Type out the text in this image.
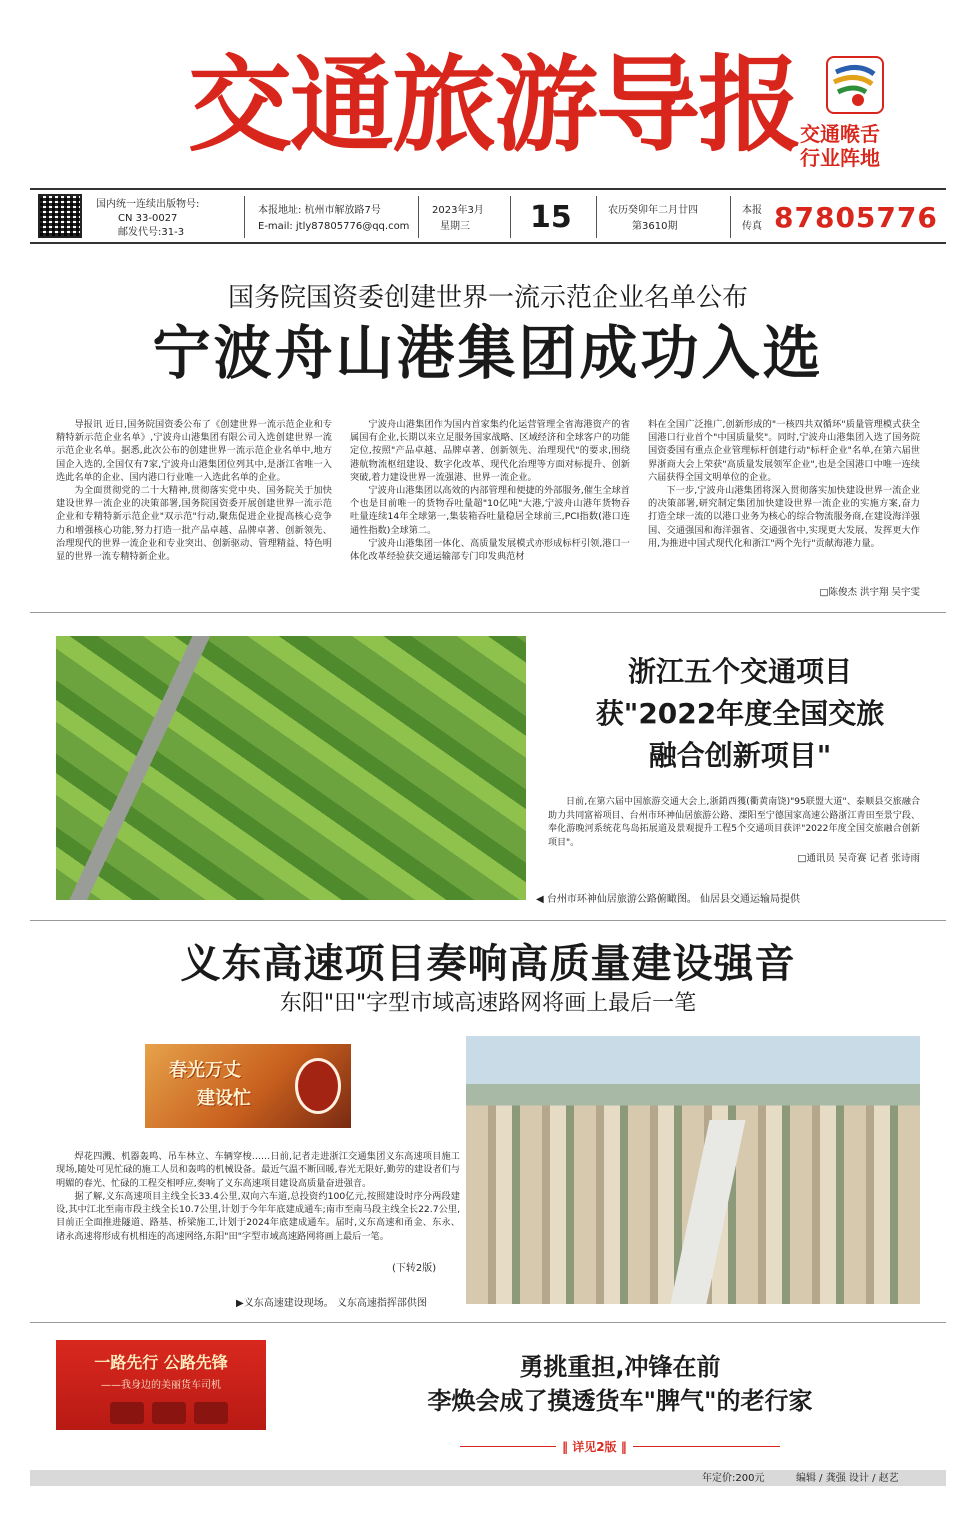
交通旅游导报 交通喉舌
行业阵地
国内统一连续出版物号:
CN 33-0027
邮发代号:31-3
本报地址: 杭州市解放路7号
E-mail: jtly87805776@qq.com
2023年3月
星期三 15	农历癸卯年二月廿四
第3610期
本报
传真 87805776
国务院国资委创建世界一流示范企业名单公布
宁波舟山港集团成功入选

导报讯 近日,国务院国资委公布了《创建世界一流示范企业和专精特新示范企业名单》,宁波舟山港集团有限公司入选创建世界一流示范企业名单。据悉,此次公布的创建世界一流示范企业名单中,地方国企入选的,全国仅有7家,宁波舟山港集团位列其中,是浙江省唯一入选此名单的企业、国内港口行业唯一入选此名单的企业。

为全面贯彻党的二十大精神,贯彻落实党中央、国务院关于加快建设世界一流企业的决策部署,国务院国资委开展创建世界一流示范企业和专精特新示范企业"双示范"行动,聚焦促进企业提高核心竞争力和增强核心功能,努力打造一批产品卓越、品牌卓著、创新领先、治理现代的世界一流企业和专业突出、创新驱动、管理精益、特色明显的世界一流专精特新企业。

宁波舟山港集团作为国内首家集约化运营管理全省海港资产的省属国有企业,长期以来立足服务国家战略、区域经济和全球客户的功能定位,按照"产品卓越、品牌卓著、创新领先、治理现代"的要求,围绕港航物流枢纽建设、数字化改革、现代化治理等方面对标提升、创新突破,着力建设世界一流强港、世界一流企业。

宁波舟山港集团以高效的内部管理和便捷的外部服务,催生全球首个也是目前唯一的货物吞吐量超"10亿吨"大港,宁波舟山港年货物吞吐量连续14年全球第一,集装箱吞吐量稳居全球前三,PCI指数(港口连通性指数)全球第二。

宁波舟山港集团一体化、高质量发展模式亦形成标杆引领,港口一体化改革经验获交通运输部专门印发典范材

料在全国广泛推广,创新形成的"一核四共双循环"质量管理模式获全国港口行业首个"中国质量奖"。同时,宁波舟山港集团入选了国务院国资委国有重点企业管理标杆创建行动"标杆企业"名单,在第六届世界浙商大会上荣获"高质量发展领军企业",也是全国港口中唯一连续六届获得全国文明单位的企业。

下一步,宁波舟山港集团将深入贯彻落实加快建设世界一流企业的决策部署,研究制定集团加快建设世界一流企业的实施方案,奋力打造全球一流的以港口业务为核心的综合物流服务商,在建设海洋强国、交通强国和海洋强省、交通强省中,实现更大发展、发挥更大作用,为推进中国式现代化和浙江"两个先行"贡献海港力量。

□陈俊杰 洪宇翔 吴宇雯
浙江五个交通项目
获"2022年度全国交旅
融合创新项目"
日前,在第六届中国旅游交通大会上,浙銷西獲(衢黄南饶)"95联盟大道"、泰顺县交旅融合助力共同富裕项目、台州市环神仙居旅游公路、溧阳至宁德国家高速公路浙江青田至景宁段、奉化游晚河系统花鸟岛拓展道及景观提升工程5个交通项目获评"2022年度全国交旅融合创新项目"。
□通讯员 吴奇赛 记者 张诗雨
◀ 台州市环神仙居旅游公路俯瞰图。 仙居县交通运输局提供
义东高速项目奏响高质量建设强音
东阳"田"字型市域高速路网将画上最后一笔
春光万丈
建设忙

焊花四溅、机器轰鸣、吊车林立、车辆穿梭……日前,记者走进浙江交通集团义东高速项目施工现场,随处可见忙碌的施工人员和轰鸣的机械设备。最近气温不断回暖,春光无限好,勤劳的建设者们与明媚的春光、忙碌的工程交相呼应,奏响了义东高速项目建设高质量奋进强音。

据了解,义东高速项目主线全长33.4公里,双向六车道,总投资约100亿元,按照建设时序分两段建设,其中江北至南市段主线全长10.7公里,计划于今年年底建成通车;南市至南马段主线全长22.7公里,目前正全面推进隧道、路基、桥梁施工,计划于2024年底建成通车。届时,义东高速和甬金、东永、诸永高速将形成有机相连的高速网络,东阳"田"字型市域高速路网将画上最后一笔。

(下转2版)
▶义东高速建设现场。 义东高速指挥部供图
一路先行 公路先锋
——我身边的美丽货车司机
勇挑重担,冲锋在前
李焕会成了摸透货车"脾气"的老行家
‖ 详见2版 ‖
年定价:200元	编辑 / 龚强 设计 / 赵艺
